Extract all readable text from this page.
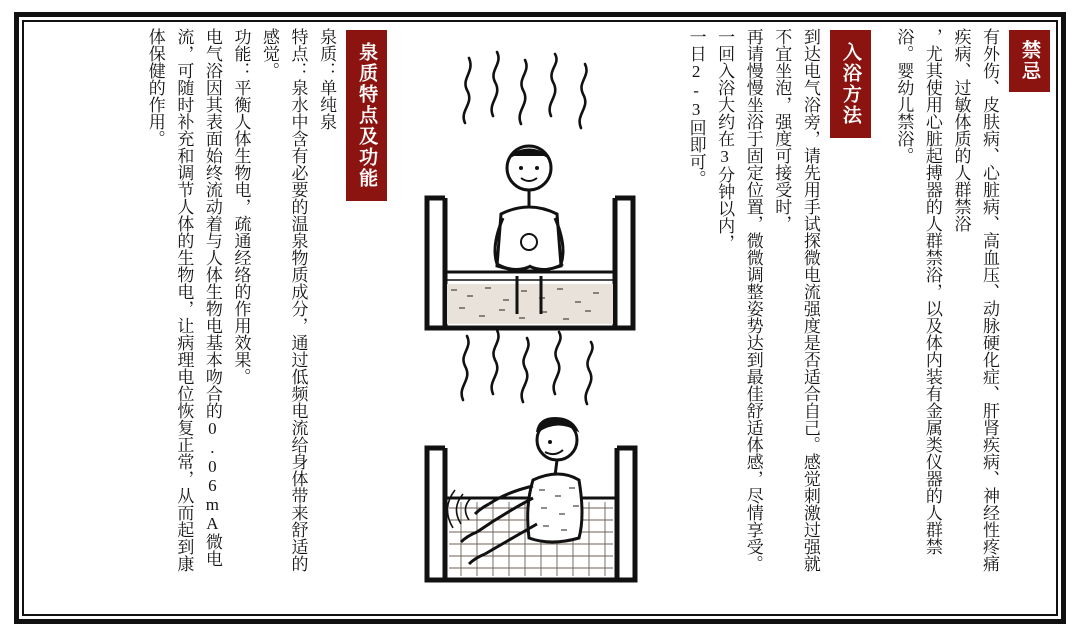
禁忌
有外伤、皮肤病、心脏病、高血压、动脉硬化症、肝肾疾病、神经性疼痛疾病、过敏体质的人群禁浴
，尤其使用心脏起搏器的人群禁浴，以及体内装有金属类仪器的人群禁浴。婴幼儿禁浴。
入浴方法
到达电气浴旁，请先用手试探微电流强度是否适合自己。感觉刺激过强就不宜坐泡，强度可接受时，
再请慢慢坐浴于固定位置，微微调整姿势达到最佳舒适体感，尽情享受。一回入浴大约在3分钟以内，
一日2-3回即可。
泉质特点及功能
泉质：单纯泉
特点：泉水中含有必要的温泉物质成分，通过低频电流给身体带来舒适的感觉。
功能：平衡人体生物电，疏通经络的作用效果。
电气浴因其表面始终流动着与人体生物电基本吻合的0.06mA微电流，可随时补充和调节人体的生物电，让病理电位恢复正常，从而起到康体保健的作用。
